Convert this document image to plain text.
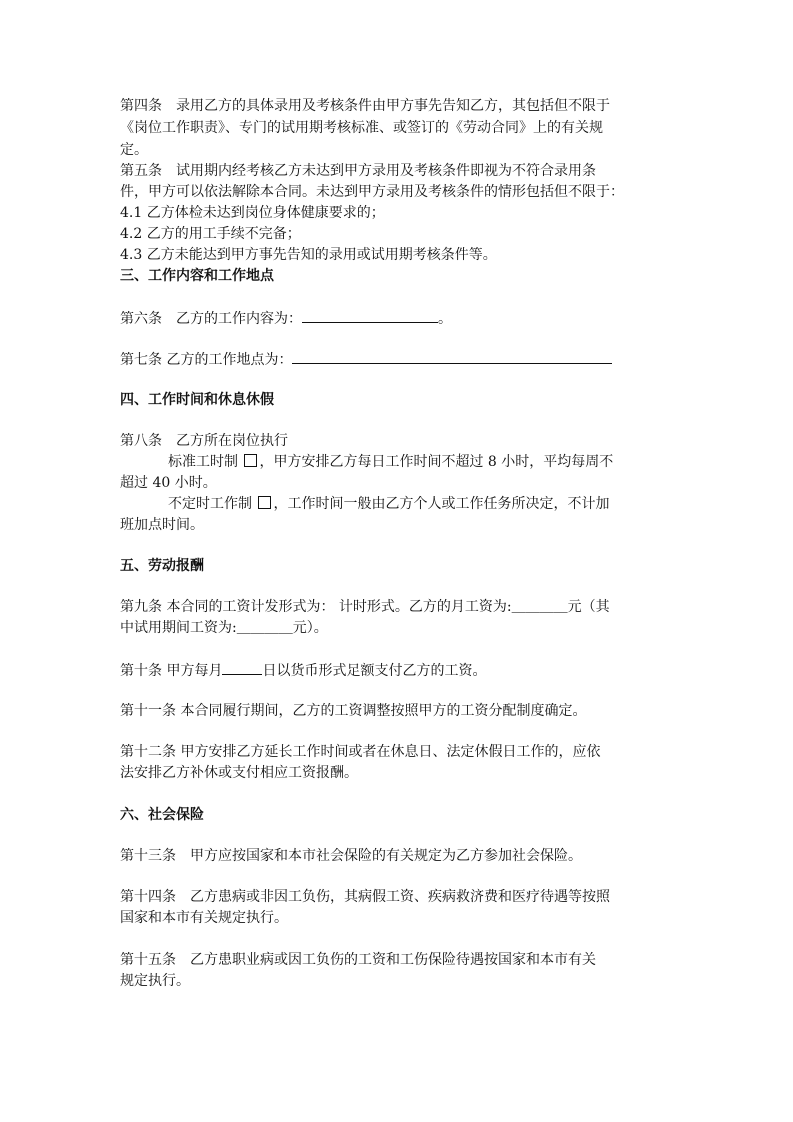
第四条　录用乙方的具体录用及考核条件由甲方事先告知乙方，其包括但不限于

《岗位工作职责》、专门的试用期考核标准、或签订的《劳动合同》上的有关规

定。

第五条　试用期内经考核乙方未达到甲方录用及考核条件即视为不符合录用条

件，甲方可以依法解除本合同。未达到甲方录用及考核条件的情形包括但不限于：

4.1 乙方体检未达到岗位身体健康要求的；

4.2 乙方的用工手续不完备；

4.3 乙方未能达到甲方事先告知的录用或试用期考核条件等。

三、工作内容和工作地点

第六条　乙方的工作内容为：	。

第七条 乙方的工作地点为：

四、工作时间和休息休假

第八条　乙方所在岗位执行

标准工时制 ，甲方安排乙方每日工作时间不超过 8 小时，平均每周不

超过 40 小时。

不定时工作制 ，工作时间一般由乙方个人或工作任务所决定，不计加

班加点时间。

五、劳动报酬

第九条 本合同的工资计发形式为： 计时形式。乙方的月工资为:＿＿＿＿元（其

中试用期间工资为:＿＿＿＿元）。

第十条 甲方每月	日以货币形式足额支付乙方的工资。

第十一条 本合同履行期间，乙方的工资调整按照甲方的工资分配制度确定。

第十二条 甲方安排乙方延长工作时间或者在休息日、法定休假日工作的，应依

法安排乙方补休或支付相应工资报酬。

六、社会保险

第十三条　甲方应按国家和本市社会保险的有关规定为乙方参加社会保险。

第十四条　乙方患病或非因工负伤，其病假工资、疾病救济费和医疗待遇等按照

国家和本市有关规定执行。

第十五条　乙方患职业病或因工负伤的工资和工伤保险待遇按国家和本市有关

规定执行。
